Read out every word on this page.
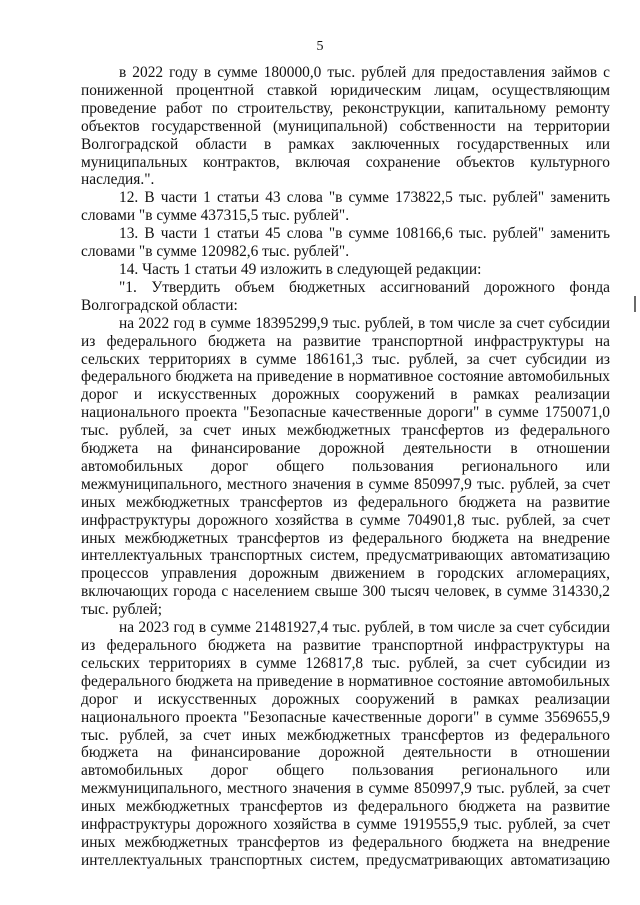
5

в 2022 году в сумме 180000,0 тыс. рублей для предоставления займов с пониженной процентной ставкой юридическим лицам, осуществляющим проведение работ по строительству, реконструкции, капитальному ремонту объектов государственной (муниципальной) собственности на территории Волгоградской области в рамках заключенных государственных или муниципальных контрактов, включая сохранение объектов культурного наследия.".

12. В части 1 статьи 43 слова "в сумме 173822,5 тыс. рублей" заменить словами "в сумме 437315,5 тыс. рублей".

13. В части 1 статьи 45 слова "в сумме 108166,6 тыс. рублей" заменить словами "в сумме 120982,6 тыс. рублей".

14. Часть 1 статьи 49 изложить в следующей редакции:

"1. Утвердить объем бюджетных ассигнований дорожного фонда Волгоградской области:

на 2022 год в сумме 18395299,9 тыс. рублей, в том числе за счет субсидии из федерального бюджета на развитие транспортной инфраструктуры на сельских территориях в сумме 186161,3 тыс. рублей, за счет субсидии из федерального бюджета на приведение в нормативное состояние автомобильных дорог и искусственных дорожных сооружений в рамках реализации национального проекта "Безопасные качественные дороги" в сумме 1750071,0 тыс. рублей, за счет иных межбюджетных трансфертов из федерального бюджета на финансирование дорожной деятельности в отношении автомобильных дорог общего пользования регионального или межмуниципального, местного значения в сумме 850997,9 тыс. рублей, за счет иных межбюджетных трансфертов из федерального бюджета на развитие инфраструктуры дорожного хозяйства в сумме 704901,8 тыс. рублей, за счет иных межбюджетных трансфертов из федерального бюджета на внедрение интеллектуальных транспортных систем, предусматривающих автоматизацию процессов управления дорожным движением в городских агломерациях, включающих города с населением свыше 300 тысяч человек, в сумме 314330,2 тыс. рублей;

на 2023 год в сумме 21481927,4 тыс. рублей, в том числе за счет субсидии из федерального бюджета на развитие транспортной инфраструктуры на сельских территориях в сумме 126817,8 тыс. рублей, за счет субсидии из федерального бюджета на приведение в нормативное состояние автомобильных дорог и искусственных дорожных сооружений в рамках реализации национального проекта "Безопасные качественные дороги" в сумме 3569655,9 тыс. рублей, за счет иных межбюджетных трансфертов из федерального бюджета на финансирование дорожной деятельности в отношении автомобильных дорог общего пользования регионального или межмуниципального, местного значения в сумме 850997,9 тыс. рублей, за счет иных межбюджетных трансфертов из федерального бюджета на развитие инфраструктуры дорожного хозяйства в сумме 1919555,9 тыс. рублей, за счет иных межбюджетных трансфертов из федерального бюджета на внедрение интеллектуальных транспортных систем, предусматривающих автоматизацию
